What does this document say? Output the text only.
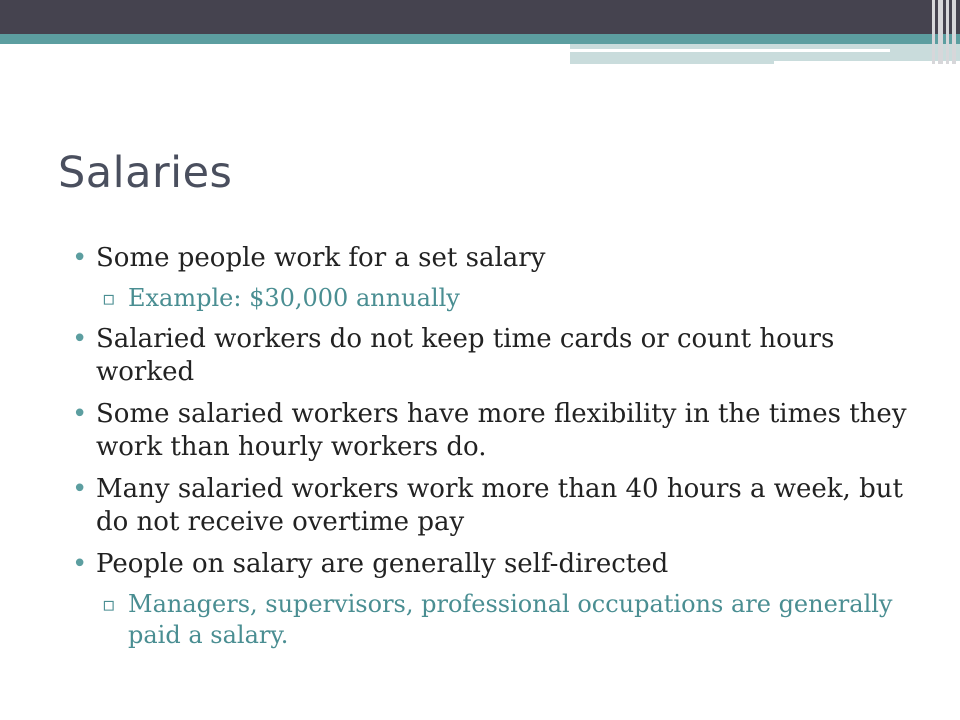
Salaries
• Some people work for a set salary
▫ Example: $30,000 annually
• Salaried workers do not keep time cards or count hours worked
• Some salaried workers have more flexibility in the times they work than hourly workers do.
• Many salaried workers work more than 40 hours a week, but do not receive overtime pay
• People on salary are generally self-directed
▫ Managers, supervisors, professional occupations are generally paid a salary.
